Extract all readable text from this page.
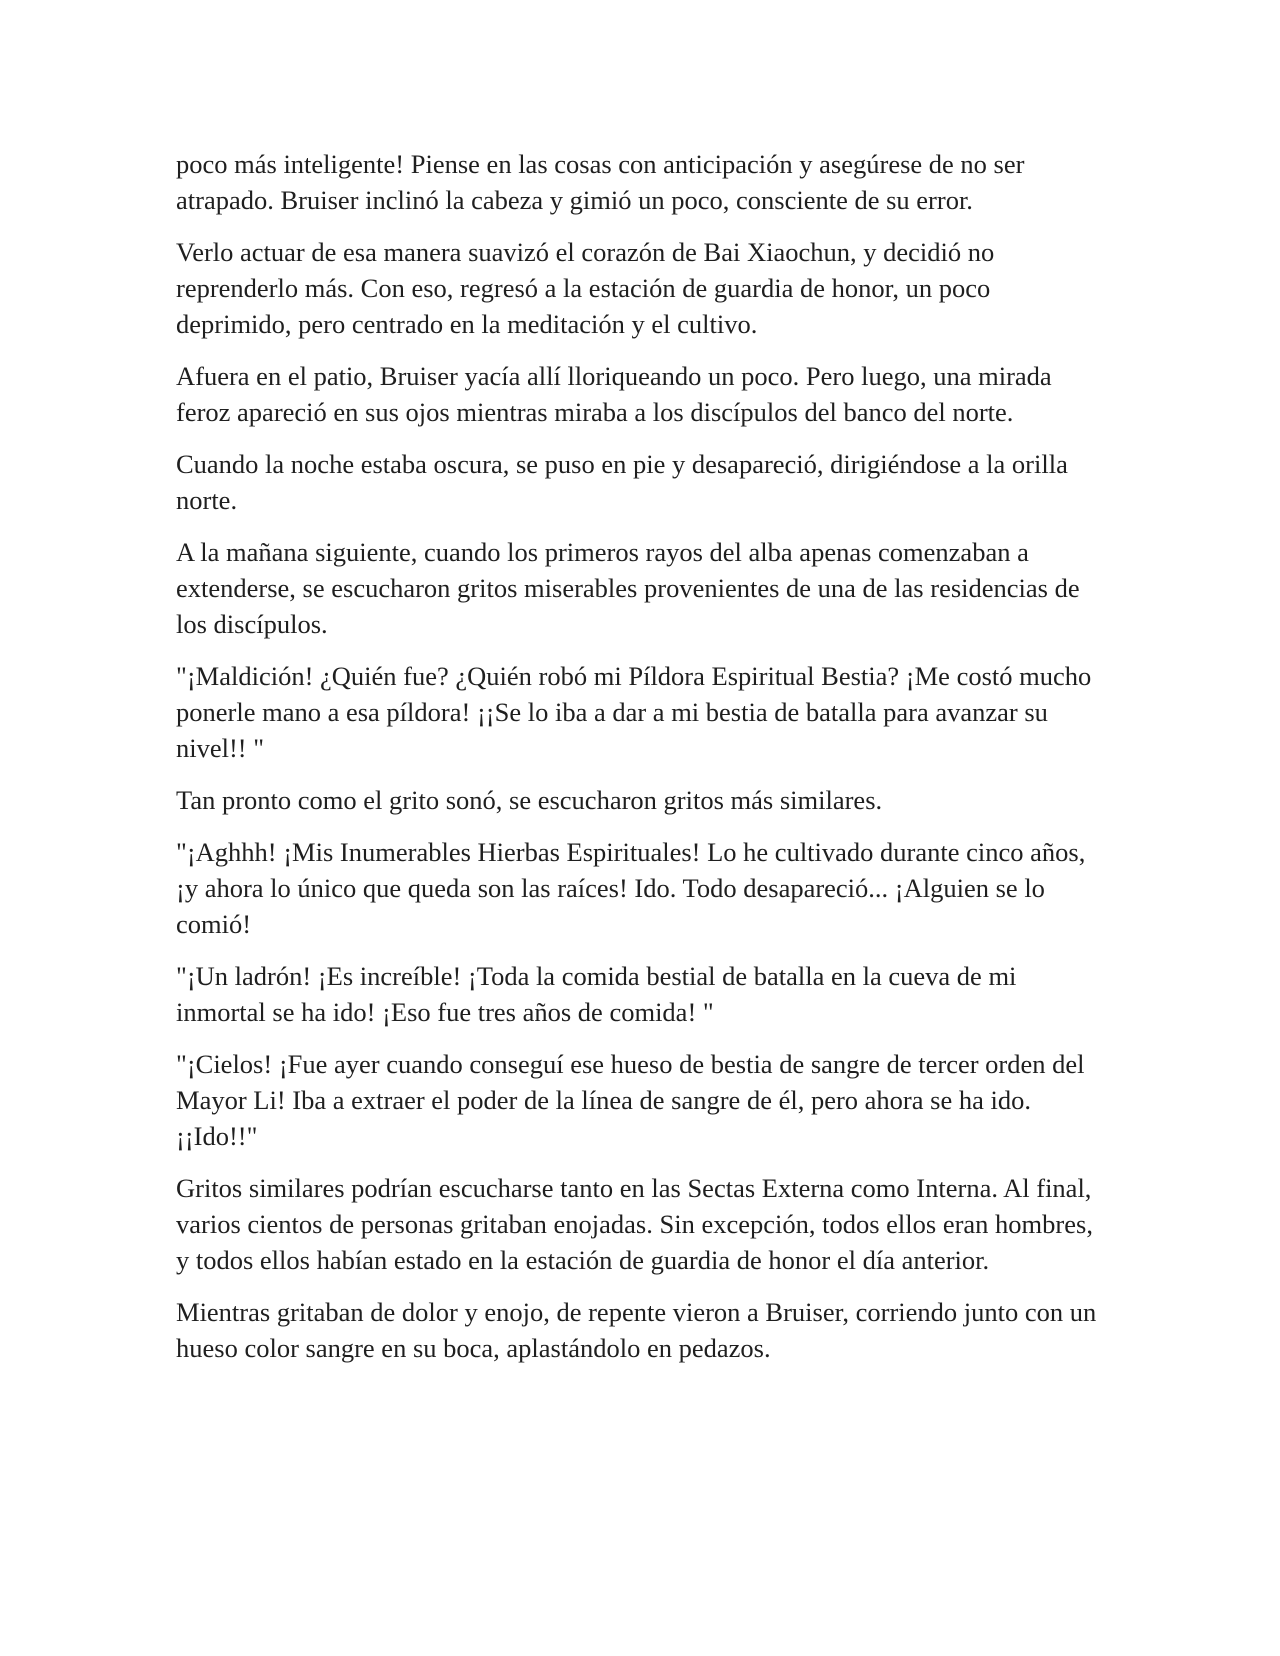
poco más inteligente! Piense en las cosas con anticipación y asegúrese de no ser atrapado. Bruiser inclinó la cabeza y gimió un poco, consciente de su error.

Verlo actuar de esa manera suavizó el corazón de Bai Xiaochun, y decidió no reprenderlo más. Con eso, regresó a la estación de guardia de honor, un poco deprimido, pero centrado en la meditación y el cultivo.

Afuera en el patio, Bruiser yacía allí lloriqueando un poco. Pero luego, una mirada feroz apareció en sus ojos mientras miraba a los discípulos del banco del norte.

Cuando la noche estaba oscura, se puso en pie y desapareció, dirigiéndose a la orilla norte.

A la mañana siguiente, cuando los primeros rayos del alba apenas comenzaban a extenderse, se escucharon gritos miserables provenientes de una de las residencias de los discípulos.

"¡Maldición! ¿Quién fue? ¿Quién robó mi Píldora Espiritual Bestia? ¡Me costó mucho ponerle mano a esa píldora! ¡¡Se lo iba a dar a mi bestia de batalla para avanzar su nivel!! "

Tan pronto como el grito sonó, se escucharon gritos más similares.

"¡Aghhh! ¡Mis Inumerables Hierbas Espirituales! Lo he cultivado durante cinco años, ¡y ahora lo único que queda son las raíces! Ido. Todo desapareció... ¡Alguien se lo comió!

"¡Un ladrón! ¡Es increíble! ¡Toda la comida bestial de batalla en la cueva de mi inmortal se ha ido! ¡Eso fue tres años de comida! "

"¡Cielos! ¡Fue ayer cuando conseguí ese hueso de bestia de sangre de tercer orden del Mayor Li! Iba a extraer el poder de la línea de sangre de él, pero ahora se ha ido. ¡¡Ido!!"

Gritos similares podrían escucharse tanto en las Sectas Externa como Interna. Al final, varios cientos de personas gritaban enojadas. Sin excepción, todos ellos eran hombres, y todos ellos habían estado en la estación de guardia de honor el día anterior.

Mientras gritaban de dolor y enojo, de repente vieron a Bruiser, corriendo junto con un hueso color sangre en su boca, aplastándolo en pedazos.
